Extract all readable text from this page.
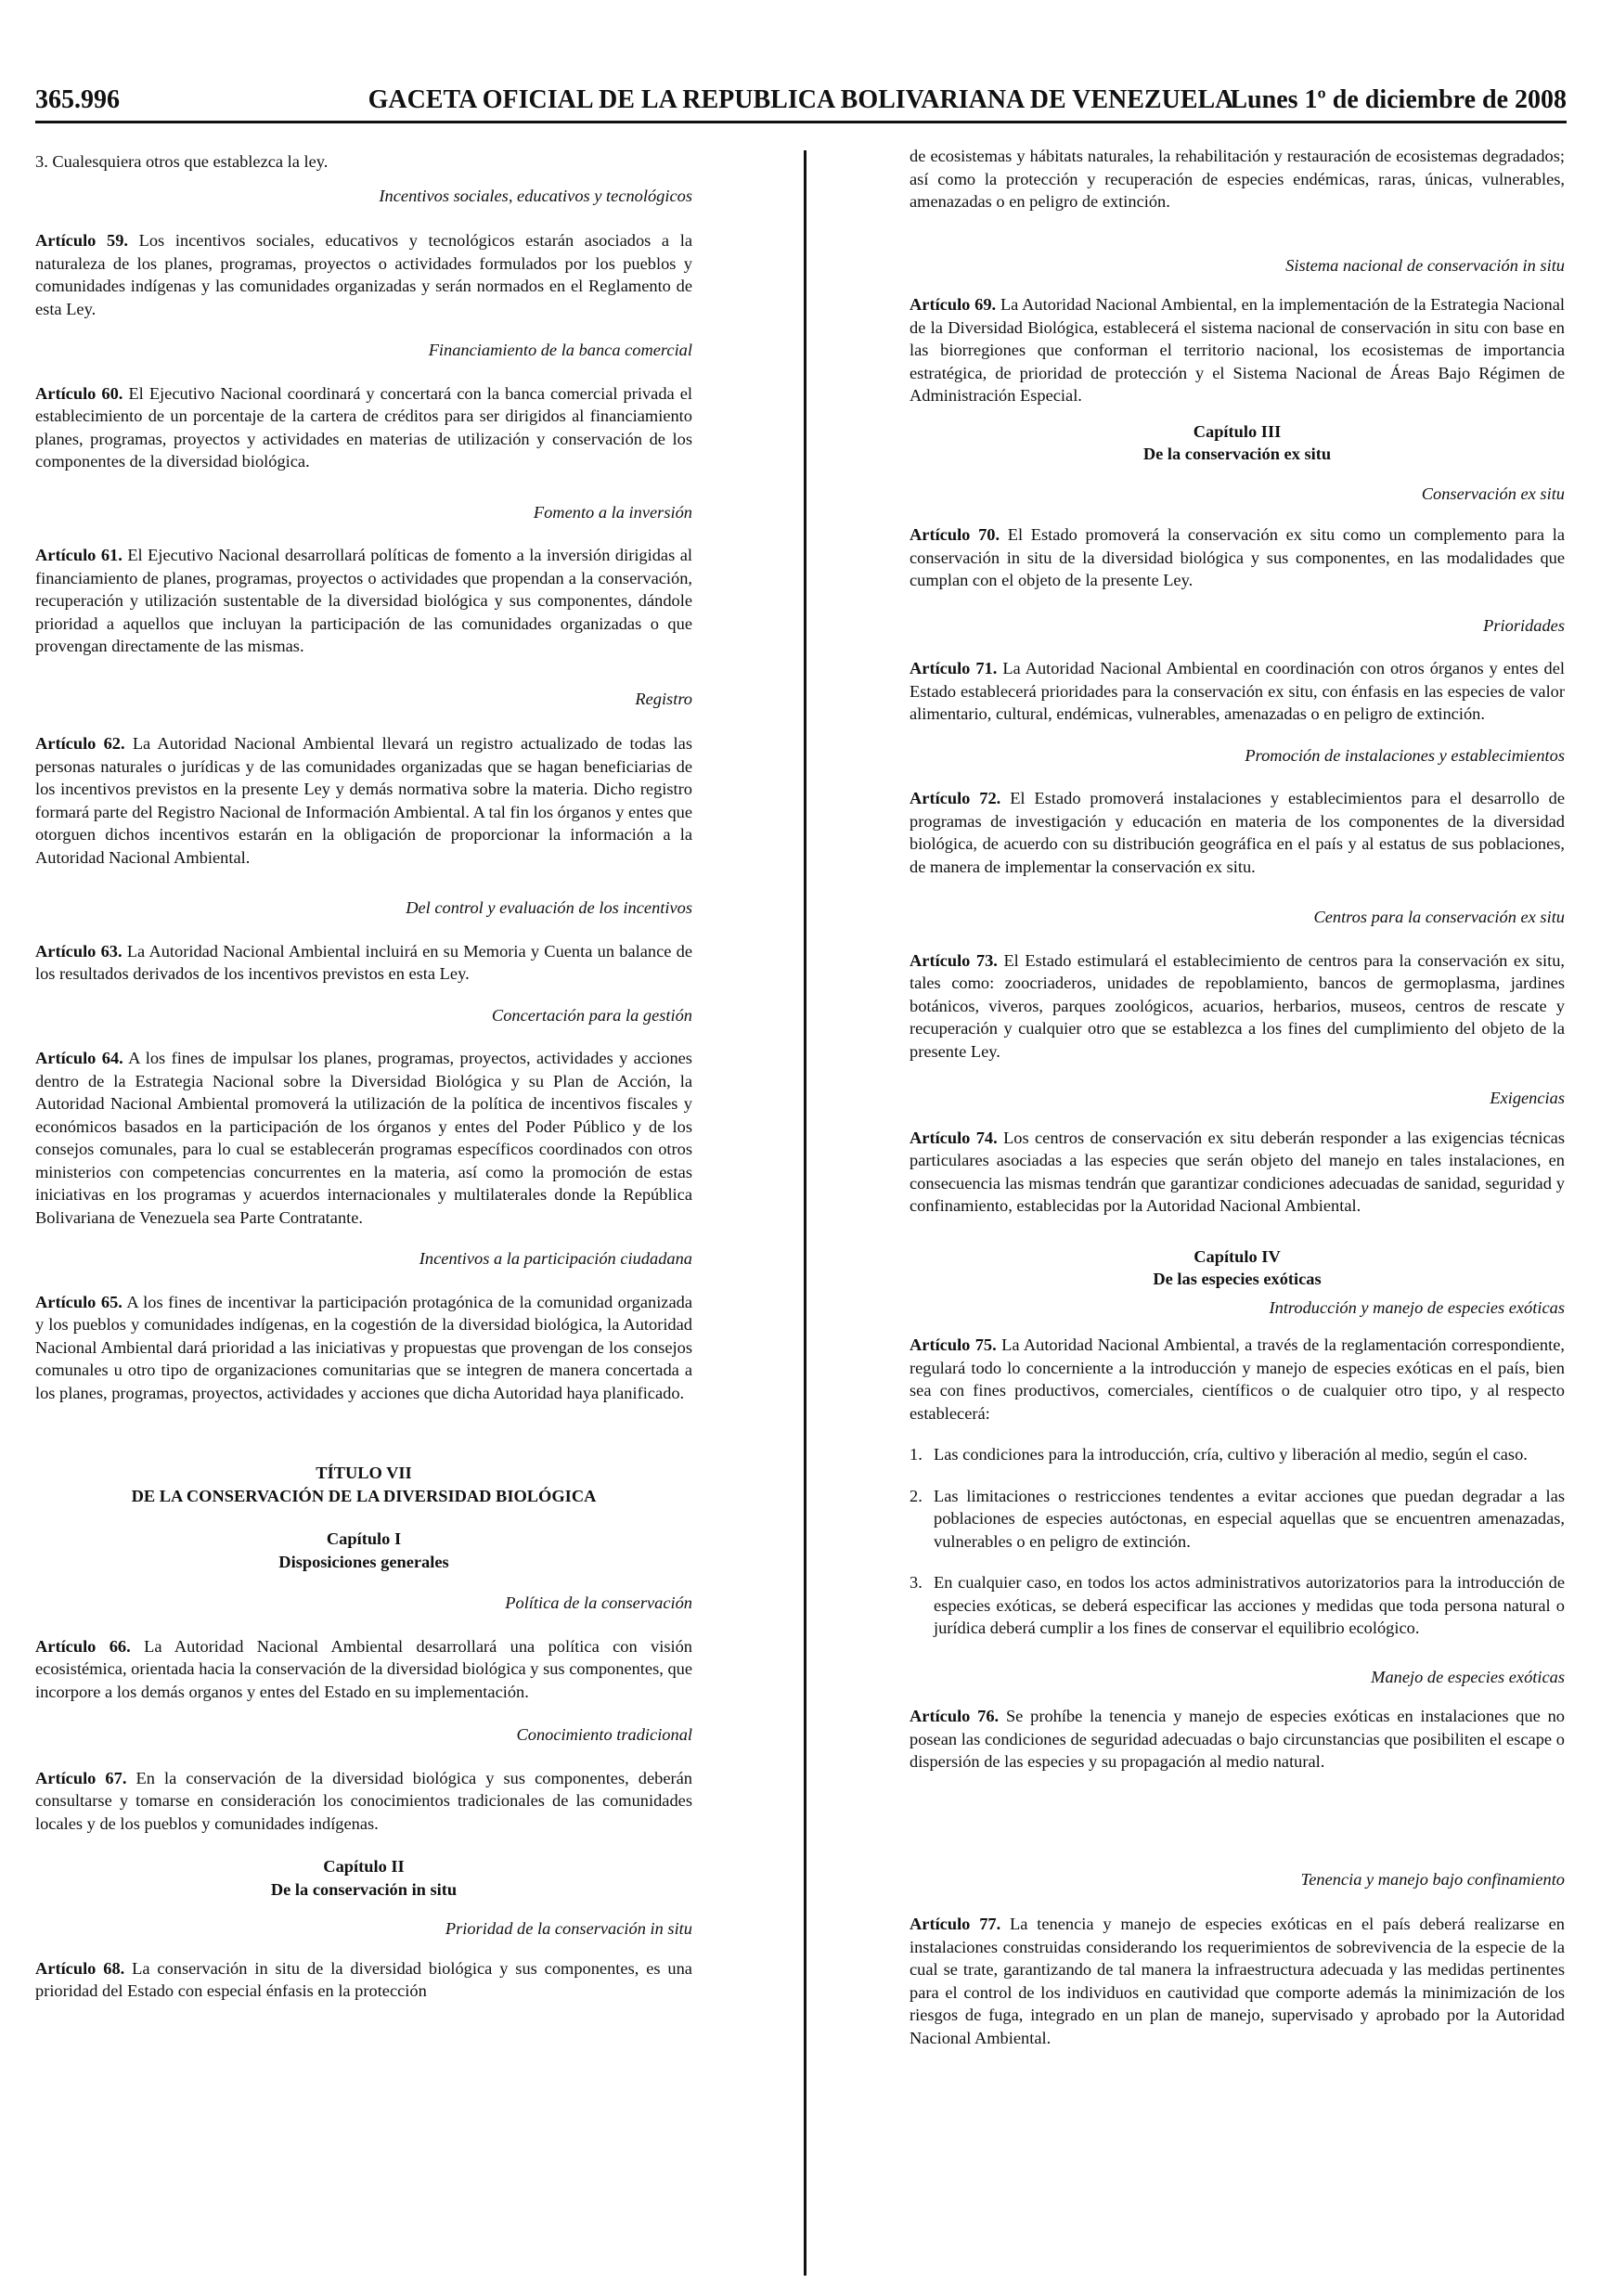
365.996	GACETA OFICIAL DE LA REPUBLICA BOLIVARIANA DE VENEZUELA
Lunes 1º de diciembre de 2008

3. Cualesquiera otros que establezca la ley.

Incentivos sociales, educativos y tecnológicos

Artículo 59. Los incentivos sociales, educativos y tecnológicos estarán asociados a la naturaleza de los planes, programas, proyectos o actividades formulados por los pueblos y comunidades indígenas y las comunidades organizadas y serán normados en el Reglamento de esta Ley.

Financiamiento de la banca comercial

Artículo 60. El Ejecutivo Nacional coordinará y concertará con la banca comercial privada el establecimiento de un porcentaje de la cartera de créditos para ser dirigidos al financiamiento planes, programas, proyectos y actividades en materias de utilización y conservación de los componentes de la diversidad biológica.

Fomento a la inversión

Artículo 61. El Ejecutivo Nacional desarrollará políticas de fomento a la inversión dirigidas al financiamiento de planes, programas, proyectos o actividades que propendan a la conservación, recuperación y utilización sustentable de la diversidad biológica y sus componentes, dándole prioridad a aquellos que incluyan la participación de las comunidades organizadas o que provengan directamente de las mismas.

Registro

Artículo 62. La Autoridad Nacional Ambiental llevará un registro actualizado de todas las personas naturales o jurídicas y de las comunidades organizadas que se hagan beneficiarias de los incentivos previstos en la presente Ley y demás normativa sobre la materia. Dicho registro formará parte del Registro Nacional de Información Ambiental. A tal fin los órganos y entes que otorguen dichos incentivos estarán en la obligación de proporcionar la información a la Autoridad Nacional Ambiental.

Del control y evaluación de los incentivos

Artículo 63. La Autoridad Nacional Ambiental incluirá en su Memoria y Cuenta un balance de los resultados derivados de los incentivos previstos en esta Ley.

Concertación para la gestión

Artículo 64. A los fines de impulsar los planes, programas, proyectos, actividades y acciones dentro de la Estrategia Nacional sobre la Diversidad Biológica y su Plan de Acción, la Autoridad Nacional Ambiental promoverá la utilización de la política de incentivos fiscales y económicos basados en la participación de los órganos y entes del Poder Público y de los consejos comunales, para lo cual se establecerán programas específicos coordinados con otros ministerios con competencias concurrentes en la materia, así como la promoción de estas iniciativas en los programas y acuerdos internacionales y multilaterales donde la República Bolivariana de Venezuela sea Parte Contratante.

Incentivos a la participación ciudadana

Artículo 65. A los fines de incentivar la participación protagónica de la comunidad organizada y los pueblos y comunidades indígenas, en la cogestión de la diversidad biológica, la Autoridad Nacional Ambiental dará prioridad a las iniciativas y propuestas que provengan de los consejos comunales u otro tipo de organizaciones comunitarias que se integren de manera concertada a los planes, programas, proyectos, actividades y acciones que dicha Autoridad haya planificado.

TÍTULO VII

DE LA CONSERVACIÓN DE LA DIVERSIDAD BIOLÓGICA

Capítulo I

Disposiciones generales

Política de la conservación

Artículo 66. La Autoridad Nacional Ambiental desarrollará una política con visión ecosistémica, orientada hacia la conservación de la diversidad biológica y sus componentes, que incorpore a los demás organos y entes del Estado en su implementación.

Conocimiento tradicional

Artículo 67. En la conservación de la diversidad biológica y sus componentes, deberán consultarse y tomarse en consideración los conocimientos tradicionales de las comunidades locales y de los pueblos y comunidades indígenas.

Capítulo II

De la conservación in situ

Prioridad de la conservación in situ

Artículo 68. La conservación in situ de la diversidad biológica y sus componentes, es una prioridad del Estado con especial énfasis en la protección

de ecosistemas y hábitats naturales, la rehabilitación y restauración de ecosistemas degradados; así como la protección y recuperación de especies endémicas, raras, únicas, vulnerables, amenazadas o en peligro de extinción.

Sistema nacional de conservación in situ

Artículo 69. La Autoridad Nacional Ambiental, en la implementación de la Estrategia Nacional de la Diversidad Biológica, establecerá el sistema nacional de conservación in situ con base en las biorregiones que conforman el territorio nacional, los ecosistemas de importancia estratégica, de prioridad de protección y el Sistema Nacional de Áreas Bajo Régimen de Administración Especial.

Capítulo III

De la conservación ex situ

Conservación ex situ

Artículo 70. El Estado promoverá la conservación ex situ como un complemento para la conservación in situ de la diversidad biológica y sus componentes, en las modalidades que cumplan con el objeto de la presente Ley.

Prioridades

Artículo 71. La Autoridad Nacional Ambiental en coordinación con otros órganos y entes del Estado establecerá prioridades para la conservación ex situ, con énfasis en las especies de valor alimentario, cultural, endémicas, vulnerables, amenazadas o en peligro de extinción.

Promoción de instalaciones y establecimientos

Artículo 72. El Estado promoverá instalaciones y establecimientos para el desarrollo de programas de investigación y educación en materia de los componentes de la diversidad biológica, de acuerdo con su distribución geográfica en el país y al estatus de sus poblaciones, de manera de implementar la conservación ex situ.

Centros para la conservación ex situ

Artículo 73. El Estado estimulará el establecimiento de centros para la conservación ex situ, tales como: zoocriaderos, unidades de repoblamiento, bancos de germoplasma, jardines botánicos, viveros, parques zoológicos, acuarios, herbarios, museos, centros de rescate y recuperación y cualquier otro que se establezca a los fines del cumplimiento del objeto de la presente Ley.

Exigencias

Artículo 74. Los centros de conservación ex situ deberán responder a las exigencias técnicas particulares asociadas a las especies que serán objeto del manejo en tales instalaciones, en consecuencia las mismas tendrán que garantizar condiciones adecuadas de sanidad, seguridad y confinamiento, establecidas por la Autoridad Nacional Ambiental.

Capítulo IV

De las especies exóticas

Introducción y manejo de especies exóticas

Artículo 75. La Autoridad Nacional Ambiental, a través de la reglamentación correspondiente, regulará todo lo concerniente a la introducción y manejo de especies exóticas en el país, bien sea con fines productivos, comerciales, científicos o de cualquier otro tipo, y al respecto establecerá:

1. Las condiciones para la introducción, cría, cultivo y liberación al medio, según el caso.
2. Las limitaciones o restricciones tendentes a evitar acciones que puedan degradar a las poblaciones de especies autóctonas, en especial aquellas que se encuentren amenazadas, vulnerables o en peligro de extinción.
3. En cualquier caso, en todos los actos administrativos autorizatorios para la introducción de especies exóticas, se deberá especificar las acciones y medidas que toda persona natural o jurídica deberá cumplir a los fines de conservar el equilibrio ecológico.

Manejo de especies exóticas

Artículo 76. Se prohíbe la tenencia y manejo de especies exóticas en instalaciones que no posean las condiciones de seguridad adecuadas o bajo circunstancias que posibiliten el escape o dispersión de las especies y su propagación al medio natural.

Tenencia y manejo bajo confinamiento

Artículo 77. La tenencia y manejo de especies exóticas en el país deberá realizarse en instalaciones construidas considerando los requerimientos de sobrevivencia de la especie de la cual se trate, garantizando de tal manera la infraestructura adecuada y las medidas pertinentes para el control de los individuos en cautividad que comporte además la minimización de los riesgos de fuga, integrado en un plan de manejo, supervisado y aprobado por la Autoridad Nacional Ambiental.
